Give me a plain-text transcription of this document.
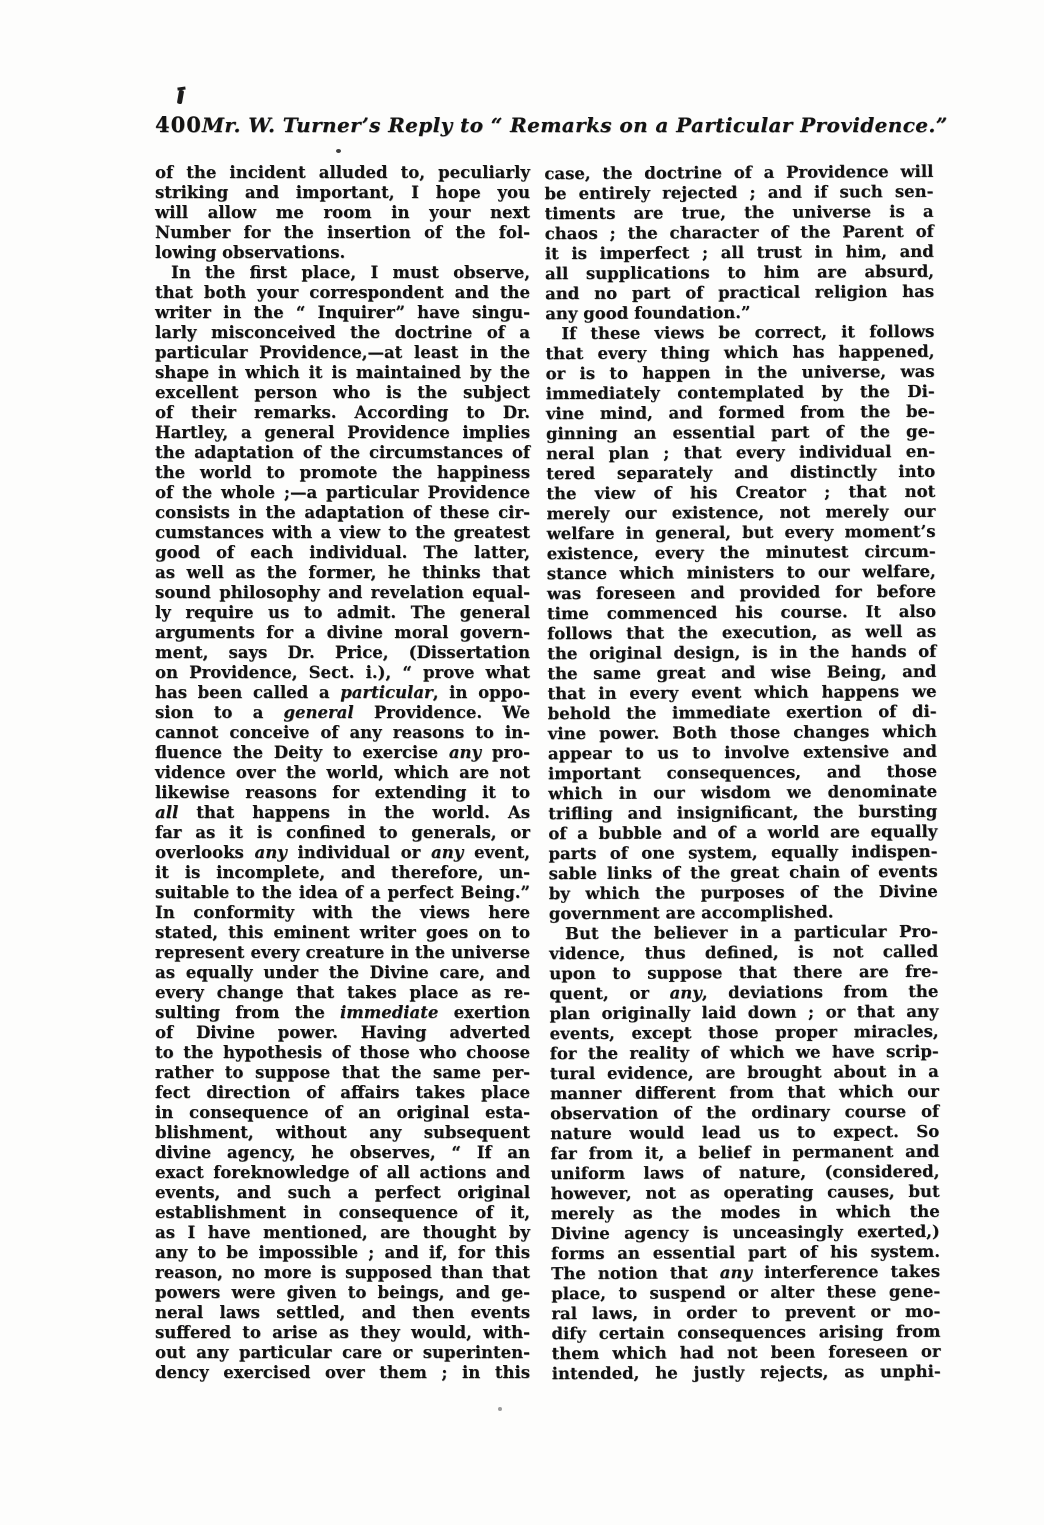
400 Mr. W. Turner’s Reply to “ Remarks on a Particular Providence.”
of the incident alluded to, peculiarly
striking and important, I hope you
will allow me room in your next
Number for the insertion of the fol-
lowing observations.
In the first place, I must observe,
that both your correspondent and the
writer in the “ Inquirer” have singu-
larly misconceived the doctrine of a
particular Providence,—at least in the
shape in which it is maintained by the
excellent person who is the subject
of their remarks. According to Dr.
Hartley, a general Providence implies
the adaptation of the circumstances of
the world to promote the happiness
of the whole ;—a particular Providence
consists in the adaptation of these cir-
cumstances with a view to the greatest
good of each individual. The latter,
as well as the former, he thinks that
sound philosophy and revelation equal-
ly require us to admit. The general
arguments for a divine moral govern-
ment, says Dr. Price, (Dissertation
on Providence, Sect. i.), “ prove what
has been called a particular, in oppo-
sion to a general Providence. We
cannot conceive of any reasons to in-
fluence the Deity to exercise any pro-
vidence over the world, which are not
likewise reasons for extending it to
all that happens in the world. As
far as it is confined to generals, or
overlooks any individual or any event,
it is incomplete, and therefore, un-
suitable to the idea of a perfect Being.”
In conformity with the views here
stated, this eminent writer goes on to
represent every creature in the universe
as equally under the Divine care, and
every change that takes place as re-
sulting from the immediate exertion
of Divine power. Having adverted
to the hypothesis of those who choose
rather to suppose that the same per-
fect direction of affairs takes place
in consequence of an original esta-
blishment, without any subsequent
divine agency, he observes, “ If an
exact foreknowledge of all actions and
events, and such a perfect original
establishment in consequence of it,
as I have mentioned, are thought by
any to be impossible ; and if, for this
reason, no more is supposed than that
powers were given to beings, and ge-
neral laws settled, and then events
suffered to arise as they would, with-
out any particular care or superinten-
dency exercised over them ; in this
case, the doctrine of a Providence will
be entirely rejected ; and if such sen-
timents are true, the universe is a
chaos ; the character of the Parent of
it is imperfect ; all trust in him, and
all supplications to him are absurd,
and no part of practical religion has
any good foundation.”
If these views be correct, it follows
that every thing which has happened,
or is to happen in the universe, was
immediately contemplated by the Di-
vine mind, and formed from the be-
ginning an essential part of the ge-
neral plan ; that every individual en-
tered separately and distinctly into
the view of his Creator ; that not
merely our existence, not merely our
welfare in general, but every moment’s
existence, every the minutest circum-
stance which ministers to our welfare,
was foreseen and provided for before
time commenced his course. It also
follows that the execution, as well as
the original design, is in the hands of
the same great and wise Being, and
that in every event which happens we
behold the immediate exertion of di-
vine power. Both those changes which
appear to us to involve extensive and
important consequences, and those
which in our wisdom we denominate
trifling and insignificant, the bursting
of a bubble and of a world are equally
parts of one system, equally indispen-
sable links of the great chain of events
by which the purposes of the Divine
government are accomplished.
But the believer in a particular Pro-
vidence, thus defined, is not called
upon to suppose that there are fre-
quent, or any, deviations from the
plan originally laid down ; or that any
events, except those proper miracles,
for the reality of which we have scrip-
tural evidence, are brought about in a
manner different from that which our
observation of the ordinary course of
nature would lead us to expect. So
far from it, a belief in permanent and
uniform laws of nature, (considered,
however, not as operating causes, but
merely as the modes in which the
Divine agency is unceasingly exerted,)
forms an essential part of his system.
The notion that any interference takes
place, to suspend or alter these gene-
ral laws, in order to prevent or mo-
dify certain consequences arising from
them which had not been foreseen or
intended, he justly rejects, as unphi-
